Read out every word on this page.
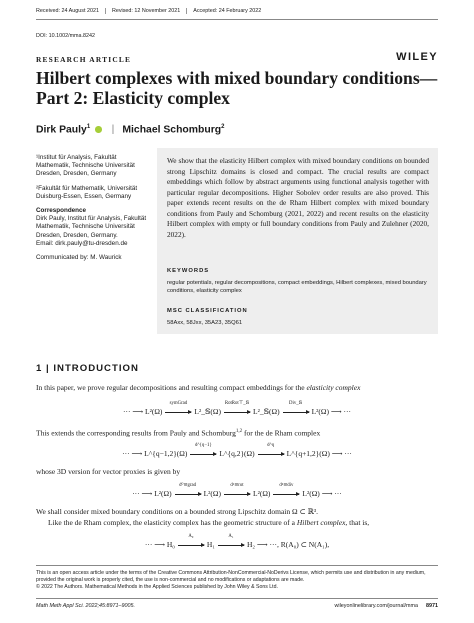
Received: 24 August 2021	Revised: 12 November 2021	Accepted: 24 February 2022
DOI: 10.1002/mma.8242
RESEARCH ARTICLE	WILEY
Hilbert complexes with mixed boundary conditions—Part 2: Elasticity complex
Dirk Pauly$^1$ | Michael Schomburg$^2$

¹Institut für Analysis, Fakultät Mathematik, Technische Universität Dresden, Dresden, Germany

²Fakultät für Mathematik, Universität Duisburg-Essen, Essen, Germany

Correspondence

Dirk Pauly, Institut für Analysis, Fakultät Mathematik, Technische Universität Dresden, Dresden, Germany.

Email: dirk.pauly@tu-dresden.de

Communicated by: M. Waurick

We show that the elasticity Hilbert complex with mixed boundary conditions on bounded strong Lipschitz domains is closed and compact. The crucial results are compact embeddings which follow by abstract arguments using functional analysis together with particular regular decompositions. Higher Sobolev order results are also proved. This paper extends recent results on the de Rham Hilbert complex with mixed boundary conditions from Pauly and Schomburg (2021, 2022) and recent results on the elasticity Hilbert complex with empty or full boundary conditions from Pauly and Zulehner (2020, 2022).
KEYWORDS
regular potentials, regular decompositions, compact embeddings, Hilbert complexes, mixed boundary conditions, elasticity complex
MSC CLASSIFICATION
58Axx, 58Jxx, 35A23, 35Q61
1 | INTRODUCTION
In this paper, we prove regular decompositions and resulting compact embeddings for the elasticity complex
··· ⟶ L²(Ω)
symGrad
L²_𝕊(Ω)
RotRot⊤_𝕊
L²_𝕊(Ω)
Div_𝕊
L²(Ω) ⟶ ···
This extends the corresponding results from Pauly and Schomburg$^{1,2}$ for the de Rham complex
··· ⟶ L^{q−1,2}(Ω)
d^{q−1}
L^{q,2}(Ω)
d^q
L^{q+1,2}(Ω) ⟶ ···
whose 3D version for vector proxies is given by
··· ⟶ L²(Ω)
d⁰≅grad
L²(Ω)
d¹≅rot
L²(Ω)
d²≅div
L²(Ω) ⟶ ···
We shall consider mixed boundary conditions on a bounded strong Lipschitz domain Ω ⊂ ℝ³.
Like the de Rham complex, the elasticity complex has the geometric structure of a Hilbert complex, that is,
··· ⟶ H₀
A₀
H₁
A₁
H₂ ⟶ ···, R(A₀) ⊂ N(A₁),
This is an open access article under the terms of the Creative Commons Attribution-NonCommercial-NoDerivs License, which permits use and distribution in any medium, provided the original work is properly cited, the use is non-commercial and no modifications or adaptations are made.
© 2022 The Authors. Mathematical Methods in the Applied Sciences published by John Wiley & Sons Ltd.
Math Meth Appl Sci. 2022;45:8971–9005.	wileyonlinelibrary.com/journal/mma 8971
